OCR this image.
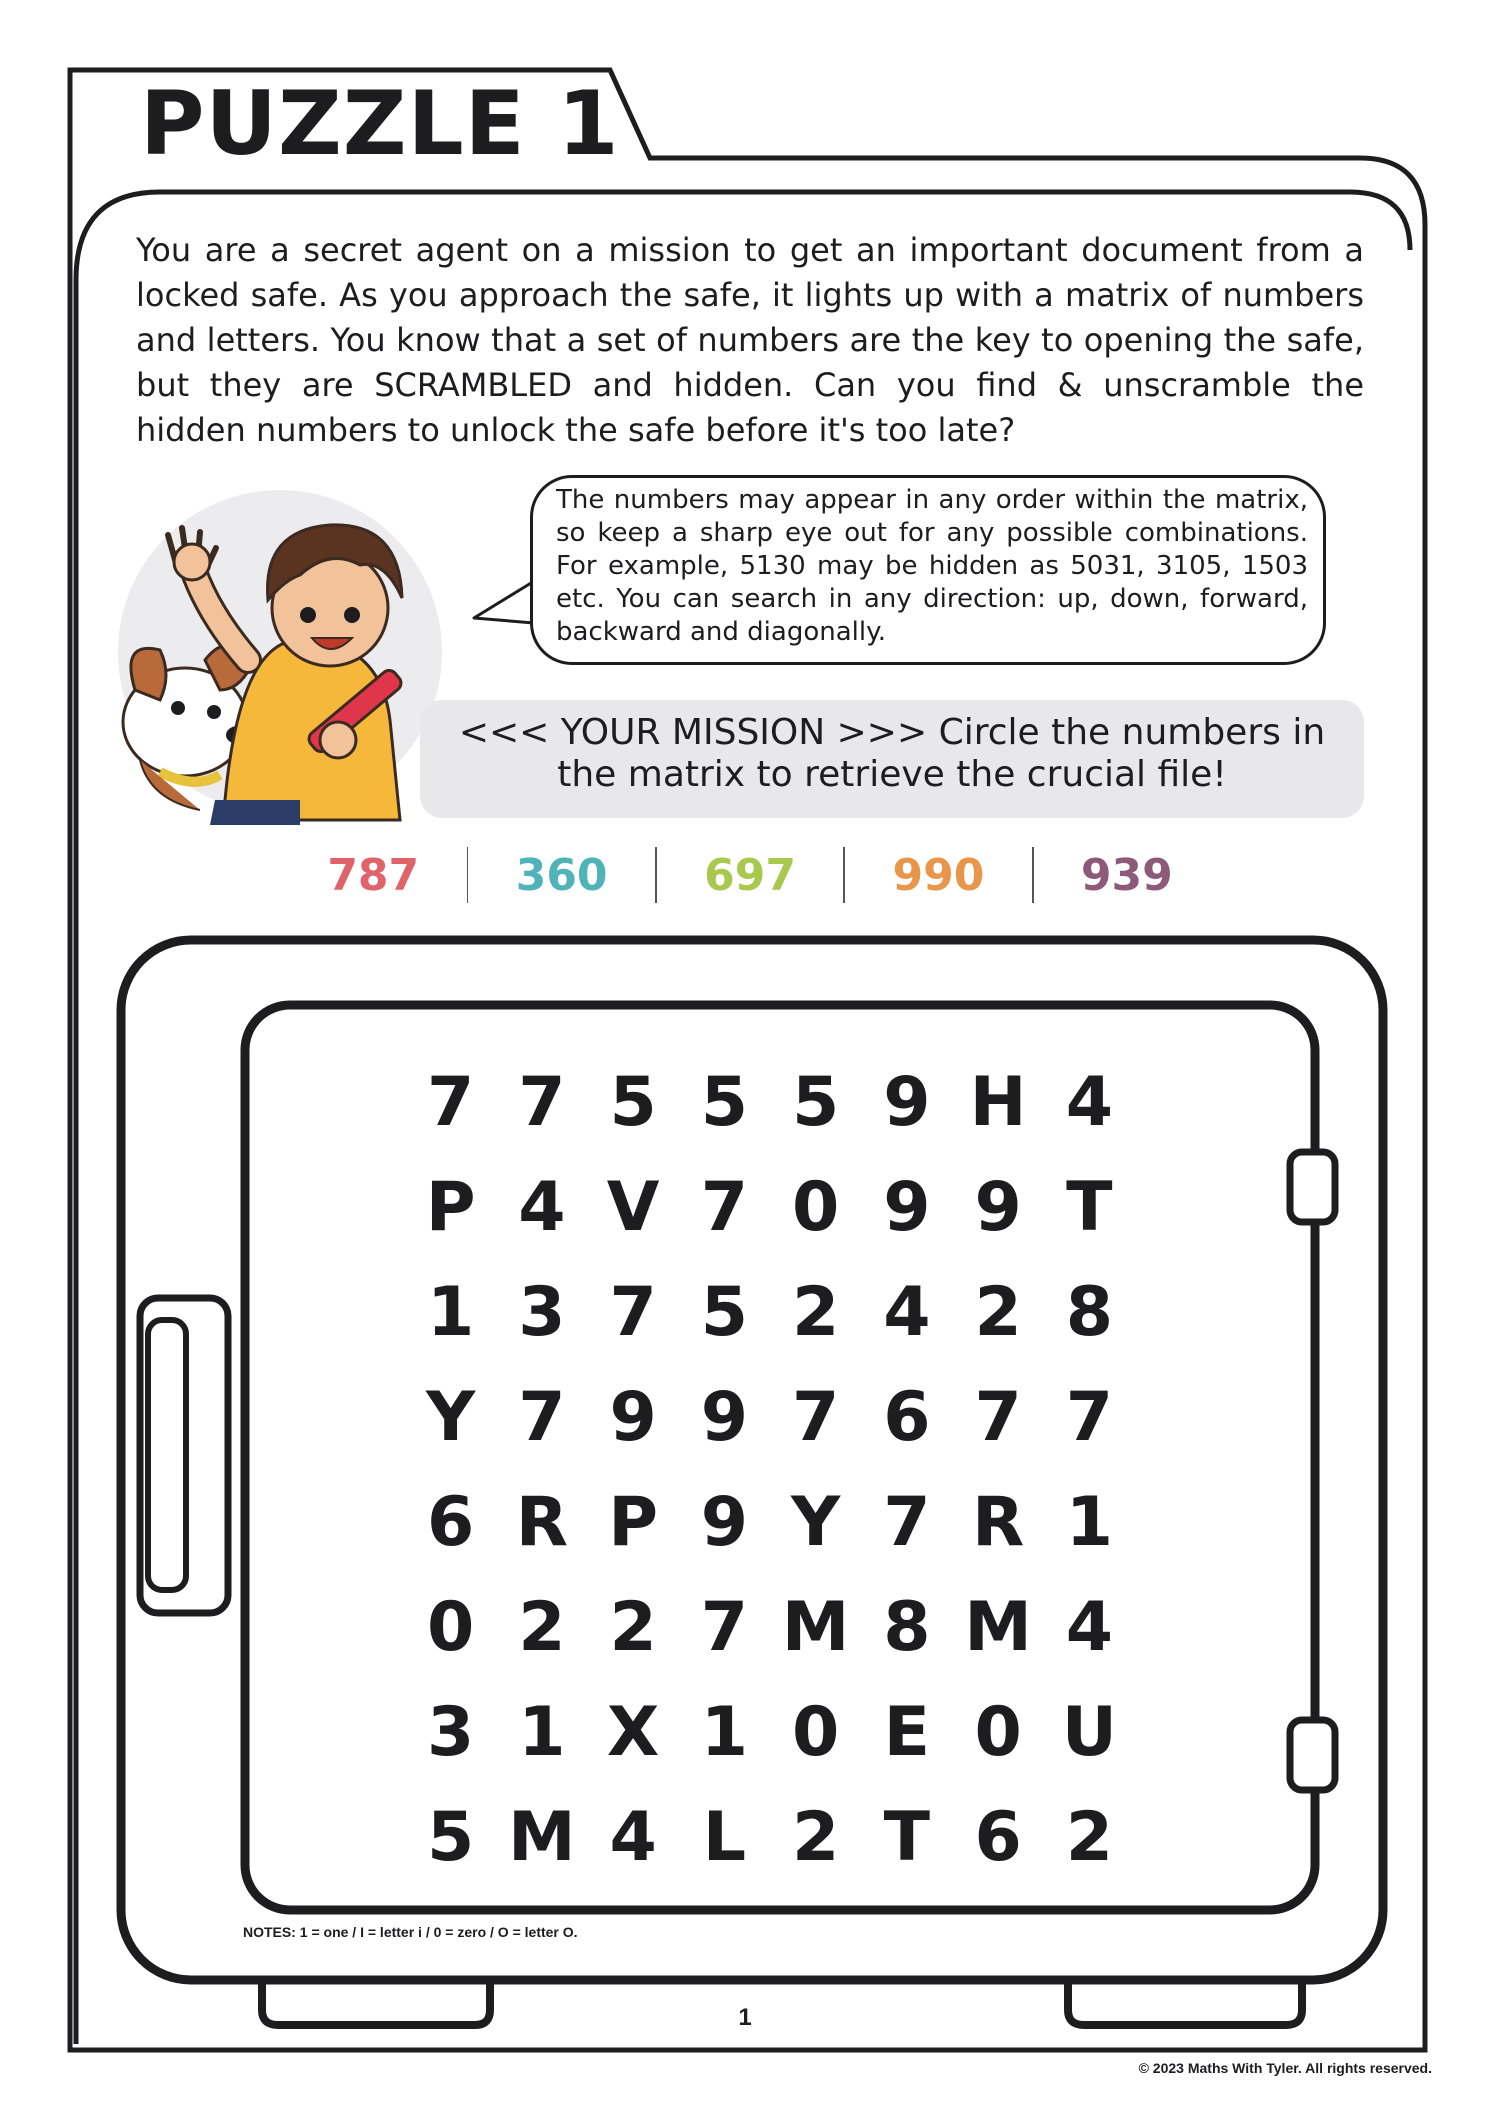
PUZZLE 1
You are a secret agent on a mission to get an important document from a locked safe. As you approach the safe, it lights up with a matrix of numbers and letters. You know that a set of numbers are the key to opening the safe, but they are SCRAMBLED and hidden. Can you find & unscramble the hidden numbers to unlock the safe before it's too late?
The numbers may appear in any order within the matrix, so keep a sharp eye out for any possible combinations. For example, 5130 may be hidden as 5031, 3105, 1503 etc. You can search in any direction: up, down, forward, backward and diagonally.
<<< YOUR MISSION >>> Circle the numbers in
the matrix to retrieve the crucial file!
787	360	697	990	939
7 7 5 5 5 9 H 4
P 4 V 7 0 9 9 T
1 3 7 5 2 4 2 8
Y 7 9 9 7 6 7 7
6 R P 9 Y 7 R 1
0 2 2 7 M 8 M 4
3 1 X 1 0 E 0 U
5 M 4 L 2 T 6 2
NOTES: 1 = one / I = letter i / 0 = zero / O = letter O.
1
© 2023 Maths With Tyler. All rights reserved.
